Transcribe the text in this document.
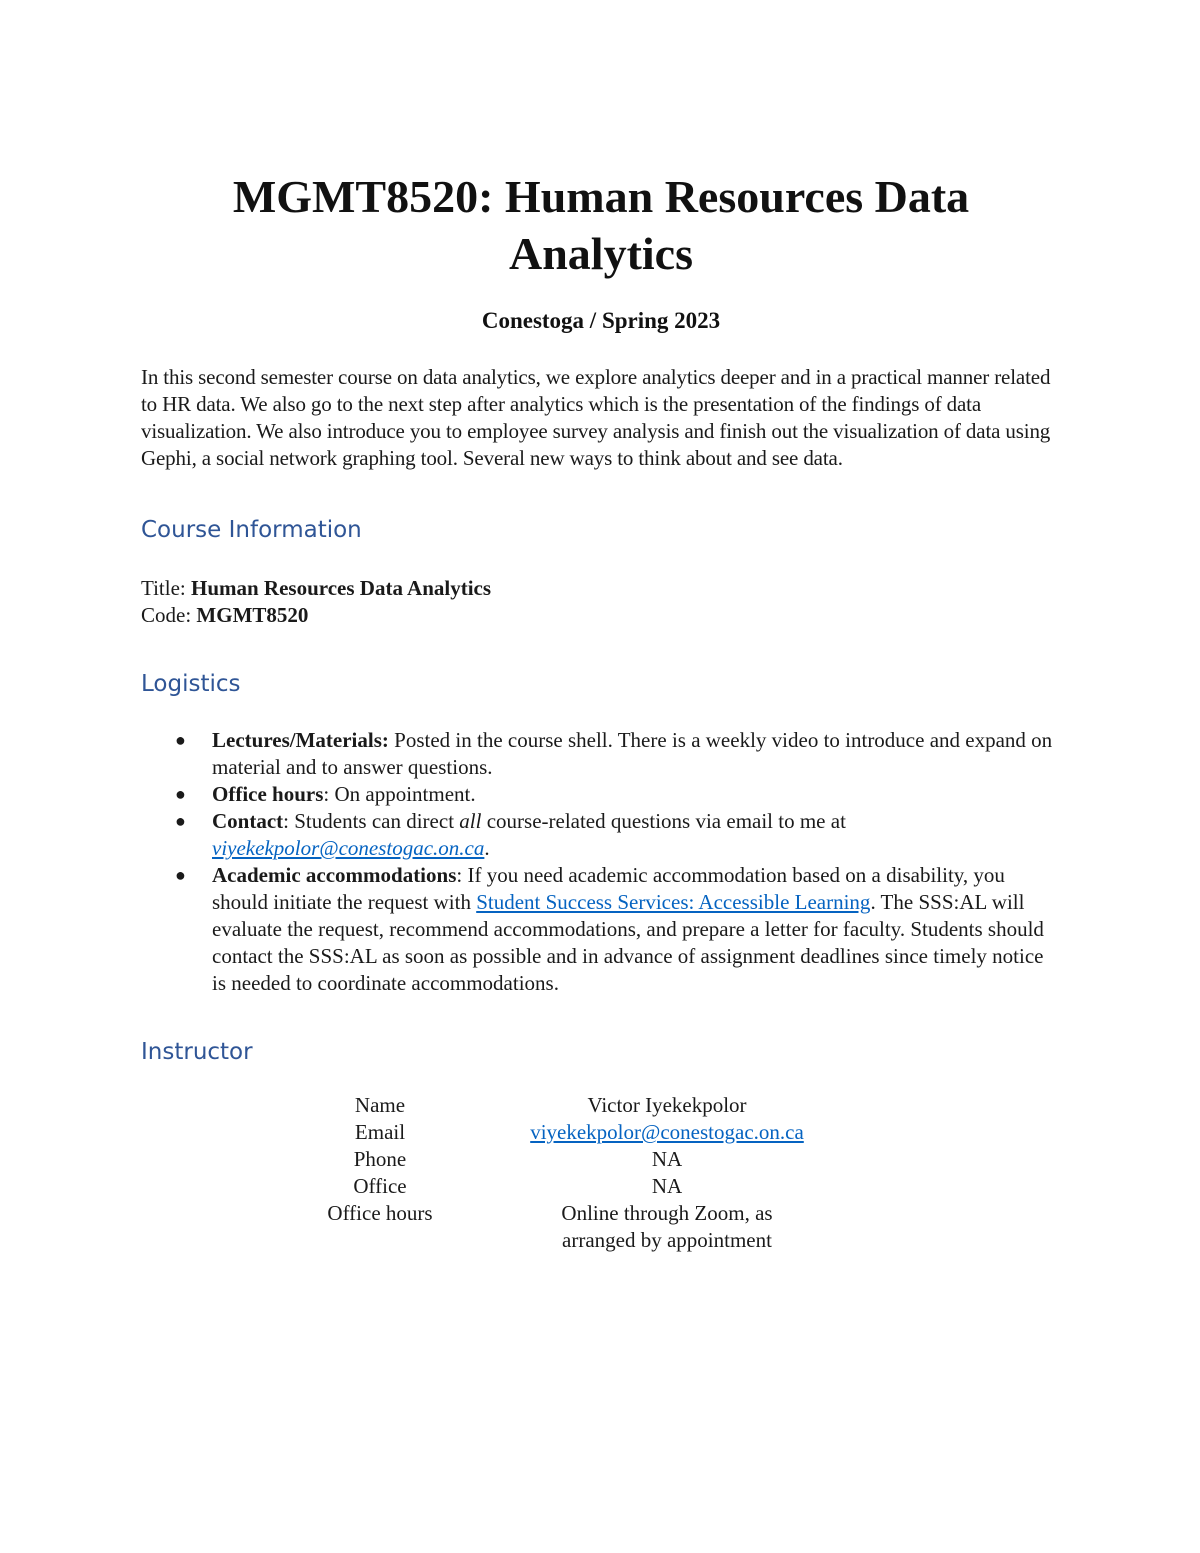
MGMT8520: Human Resources Data
Analytics

Conestoga / Spring 2023

In this second semester course on data analytics, we explore analytics deeper and in a practical manner related to HR data. We also go to the next step after analytics which is the presentation of the findings of data visualization. We also introduce you to employee survey analysis and finish out the visualization of data using Gephi, a social network graphing tool. Several new ways to think about and see data.

Course Information
Title: Human Resources Data Analytics
Code: MGMT8520
Logistics
● Lectures/Materials: Posted in the course shell. There is a weekly video to introduce and expand on material and to answer questions.
● Office hours: On appointment.
● Contact: Students can direct all course-related questions via email to me at viyekekpolor@conestogac.on.ca.
● Academic accommodations: If you need academic accommodation based on a disability, you should initiate the request with Student Success Services: Accessible Learning. The SSS:AL will evaluate the request, recommend accommodations, and prepare a letter for faculty. Students should contact the SSS:AL as soon as possible and in advance of assignment deadlines since timely notice is needed to coordinate accommodations.
Instructor
Name	Victor Iyekekpolor
Email	viyekekpolor@conestogac.on.ca
Phone	NA
Office	NA
Office hours	Online through Zoom, as arranged by appointment
